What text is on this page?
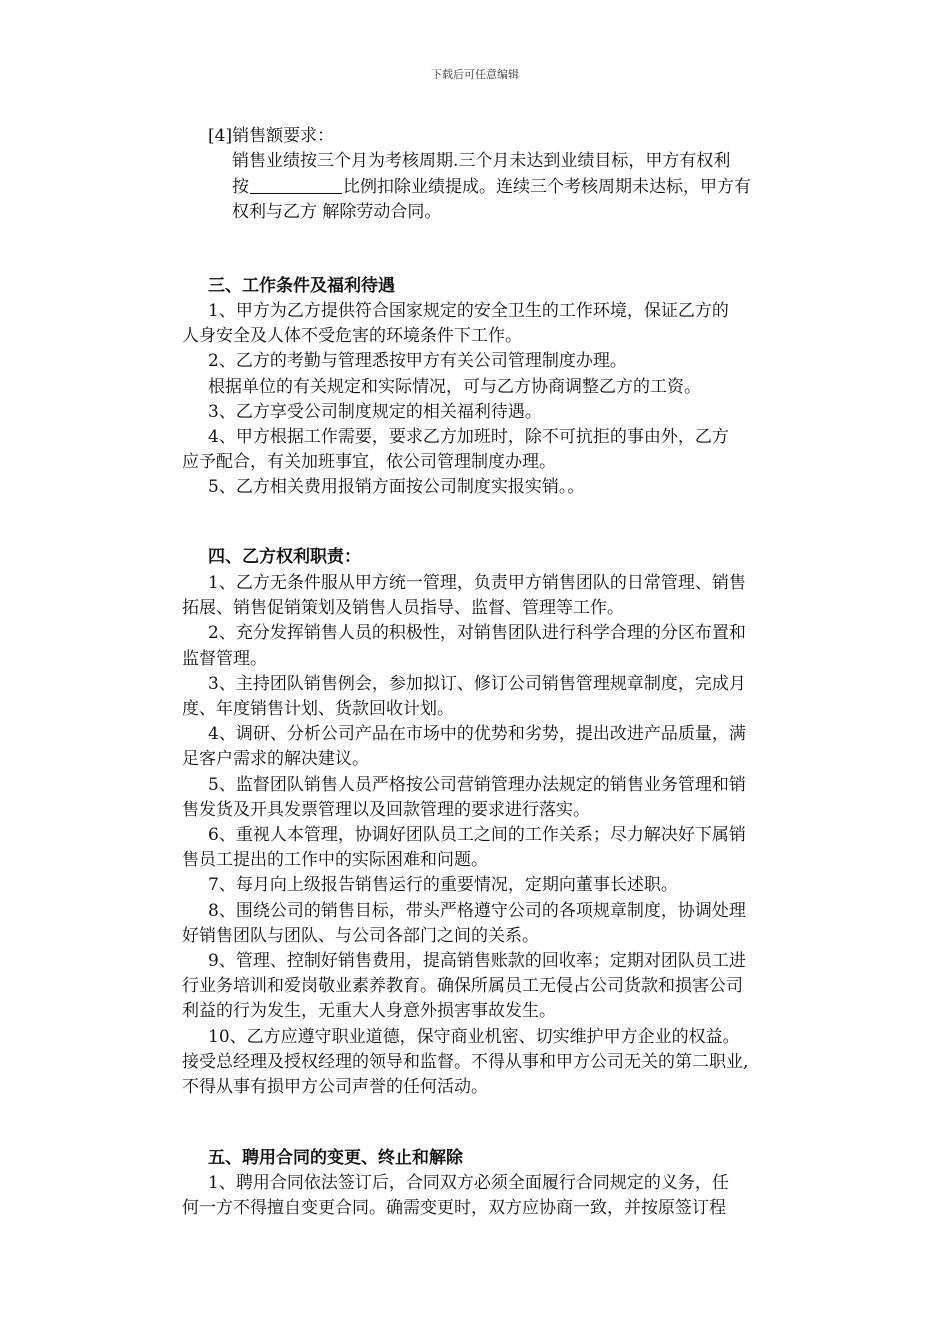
下载后可任意编辑
[4]销售额要求：

销售业绩按三个月为考核周期.三个月未达到业绩目标，甲方有权利

按	比例扣除业绩提成。连续三个考核周期未达标，甲方有

权利与乙方 解除劳动合同。

三、工作条件及福利待遇

1、甲方为乙方提供符合国家规定的安全卫生的工作环境，保证乙方的

人身安全及人体不受危害的环境条件下工作。

2、乙方的考勤与管理悉按甲方有关公司管理制度办理。

根据单位的有关规定和实际情况，可与乙方协商调整乙方的工资。

3、乙方享受公司制度规定的相关福利待遇。

4、甲方根据工作需要，要求乙方加班时，除不可抗拒的事由外，乙方

应予配合，有关加班事宜，依公司管理制度办理。

5、乙方相关费用报销方面按公司制度实报实销。。

四、乙方权利职责：

1、乙方无条件服从甲方统一管理，负责甲方销售团队的日常管理、销售

拓展、销售促销策划及销售人员指导、监督、管理等工作。

2、充分发挥销售人员的积极性，对销售团队进行科学合理的分区布置和

监督管理。

3、主持团队销售例会，参加拟订、修订公司销售管理规章制度，完成月

度、年度销售计划、货款回收计划。

4、调研、分析公司产品在市场中的优势和劣势，提出改进产品质量，满

足客户需求的解决建议。

5、监督团队销售人员严格按公司营销管理办法规定的销售业务管理和销

售发货及开具发票管理以及回款管理的要求进行落实。

6、重视人本管理，协调好团队员工之间的工作关系；尽力解决好下属销

售员工提出的工作中的实际困难和问题。

7、每月向上级报告销售运行的重要情况，定期向董事长述职。

8、围绕公司的销售目标，带头严格遵守公司的各项规章制度，协调处理

好销售团队与团队、与公司各部门之间的关系。

9、管理、控制好销售费用，提高销售账款的回收率；定期对团队员工进

行业务培训和爱岗敬业素养教育。确保所属员工无侵占公司货款和损害公司

利益的行为发生，无重大人身意外损害事故发生。

10、乙方应遵守职业道德，保守商业机密、切实维护甲方企业的权益。

接受总经理及授权经理的领导和监督。不得从事和甲方公司无关的第二职业,

不得从事有损甲方公司声誉的任何活动。

五、聘用合同的变更、终止和解除

1、聘用合同依法签订后，合同双方必须全面履行合同规定的义务，任

何一方不得擅自变更合同。确需变更时，双方应协商一致，并按原签订程
